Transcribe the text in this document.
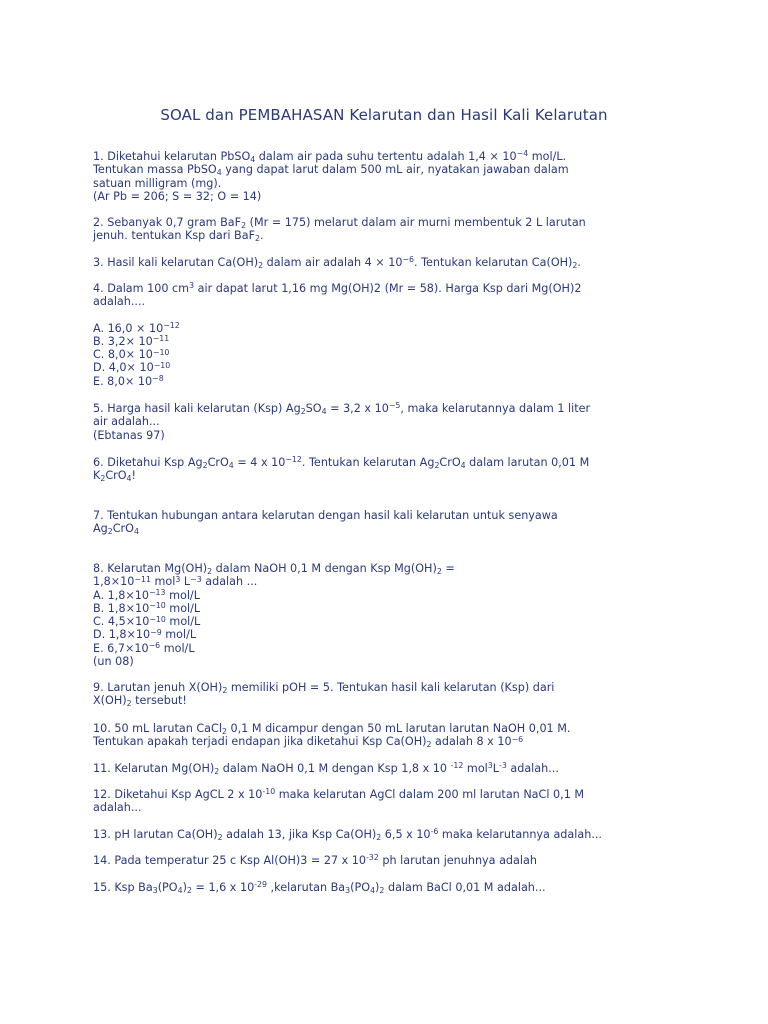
SOAL dan PEMBAHASAN Kelarutan dan Hasil Kali Kelarutan
1. Diketahui kelarutan PbSO$_4$ dalam air pada suhu tertentu adalah $1,4 \times 10^{-4}$ mol/L.
Tentukan massa PbSO$_4$ yang dapat larut dalam 500 mL air, nyatakan jawaban dalam
satuan milligram (mg).
(Ar Pb = 206; S = 32; O = 14)
2. Sebanyak 0,7 gram BaF$_2$ (Mr = 175) melarut dalam air murni membentuk 2 L larutan
jenuh. tentukan Ksp dari BaF$_2$.
3. Hasil kali kelarutan $Ca(OH)_2$ dalam air adalah $4 \times 10^{-6}$. Tentukan kelarutan $Ca(OH)_2$.
4. Dalam 100 $cm^3$ air dapat larut 1,16 mg Mg(OH)2 (Mr = 58). Harga Ksp dari Mg(OH)2
adalah....
A. $16,0 \times 10^{-12}$
B. $3,2\times 10^{-11}$
C. $8,0\times 10^{-10}$
D. $4,0\times 10^{-10}$
E. $8,0\times 10^{-8}$
5. Harga hasil kali kelarutan (Ksp) $Ag_2SO_4 = 3,2$ x $10^{-5}$, maka kelarutannya dalam 1 liter
air adalah...
(Ebtanas 97)
6. Diketahui Ksp $Ag_2CrO_4 = 4$ x $10^{-12}$. Tentukan kelarutan $Ag_2CrO_4$ dalam larutan 0,01 M
$K_2CrO_4$!
7. Tentukan hubungan antara kelarutan dengan hasil kali kelarutan untuk senyawa
$Ag_2CrO_4$
8. Kelarutan $Mg(OH)_2$ dalam NaOH 0,1 M dengan Ksp $Mg(OH)_2$ =
$1,8\times 10^{-11}$ mol$^3$ $L^{-3}$ adalah ...
A. $1,8\times 10^{-13}$ mol/L
B. $1,8\times 10^{-10}$ mol/L
C. $4,5\times 10^{-10}$ mol/L
D. $1,8\times 10^{-9}$ mol/L
E. $6,7\times 10^{-6}$ mol/L
(un 08)
9. Larutan jenuh $X(OH)_2$ memiliki pOH = 5. Tentukan hasil kali kelarutan (Ksp) dari
$X(OH)_2$ tersebut!
10. 50 mL larutan CaCl$_2$ 0,1 M dicampur dengan 50 mL larutan larutan NaOH 0,01 M.
Tentukan apakah terjadi endapan jika diketahui Ksp $Ca(OH)_2$ adalah 8 x $10^{-6}$
11. Kelarutan $Mg(OH)_2$ dalam NaOH 0,1 M dengan Ksp 1,8 x 10 $^{-12}$ $mol^3L^{-3}$ adalah...
12. Diketahui Ksp AgCL 2 x $10^{-10}$ maka kelarutan AgCl dalam 200 ml larutan NaCl 0,1 M
adalah...
13. pH larutan $Ca(OH)_2$ adalah 13, jika Ksp $Ca(OH)_2$ 6,5 x $10^{-6}$ maka kelarutannya adalah...
14. Pada temperatur 25 c Ksp Al(OH)3 = 27 x $10^{-32}$ ph larutan jenuhnya adalah
15. Ksp $Ba_3(PO_4)_2 = 1,6$ x $10^{-29}$ ,kelarutan $Ba_3(PO_4)_2$ dalam BaCl 0,01 M adalah...
